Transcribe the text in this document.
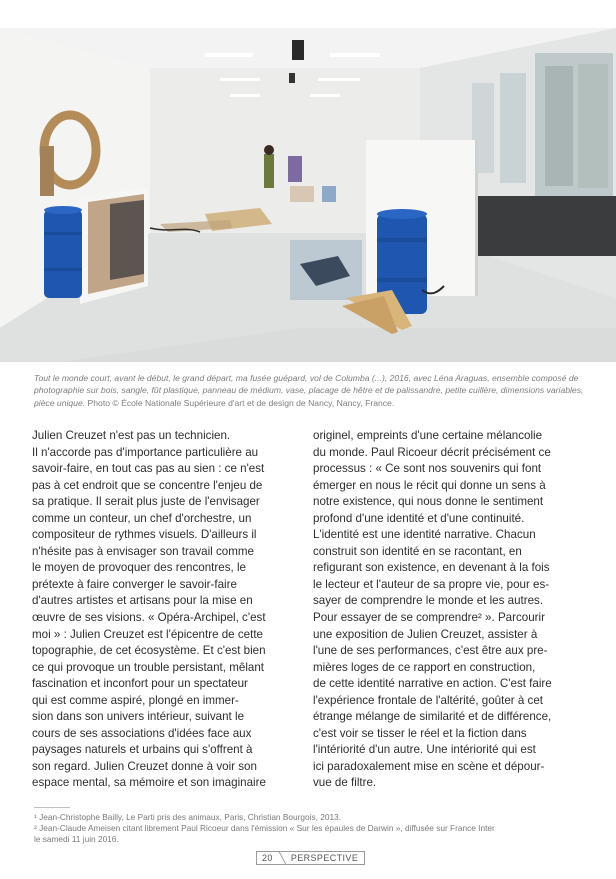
Tout le monde court, avant le début, le grand départ, ma fusée guépard, vol de Columba (...), 2016, avec Léna Araguas, ensemble composé de photographie sur bois, sangle, fût plastique, panneau de médium, vase, placage de hêtre et de palissandre, petite cuillère, dimensions variables, pièce unique. Photo © École Nationale Supérieure d'art et de design de Nancy, Nancy, France.
Julien Creuzet n'est pas un technicien.
Il n'accorde pas d'importance particulière au
savoir-faire, en tout cas pas au sien : ce n'est
pas à cet endroit que se concentre l'enjeu de
sa pratique. Il serait plus juste de l'envisager
comme un conteur, un chef d'orchestre, un
compositeur de rythmes visuels. D'ailleurs il
n'hésite pas à envisager son travail comme
le moyen de provoquer des rencontres, le
prétexte à faire converger le savoir-faire
d'autres artistes et artisans pour la mise en
œuvre de ses visions. « Opéra-Archipel, c'est
moi » : Julien Creuzet est l'épicentre de cette
topographie, de cet écosystème. Et c'est bien
ce qui provoque un trouble persistant, mêlant
fascination et inconfort pour un spectateur
qui est comme aspiré, plongé en immer-
sion dans son univers intérieur, suivant le
cours de ses associations d'idées face aux
paysages naturels et urbains qui s'offrent à
son regard. Julien Creuzet donne à voir son
espace mental, sa mémoire et son imaginaire
originel, empreints d'une certaine mélancolie
du monde. Paul Ricoeur décrit précisément ce
processus : « Ce sont nos souvenirs qui font
émerger en nous le récit qui donne un sens à
notre existence, qui nous donne le sentiment
profond d'une identité et d'une continuité.
L'identité est une identité narrative. Chacun
construit son identité en se racontant, en
refigurant son existence, en devenant à la fois
le lecteur et l'auteur de sa propre vie, pour es-
sayer de comprendre le monde et les autres.
Pour essayer de se comprendre² ». Parcourir
une exposition de Julien Creuzet, assister à
l'une de ses performances, c'est être aux pre-
mières loges de ce rapport en construction,
de cette identité narrative en action. C'est faire
l'expérience frontale de l'altérité, goûter à cet
étrange mélange de similarité et de différence,
c'est voir se tisser le réel et la fiction dans
l'intériorité d'un autre. Une intériorité qui est
ici paradoxalement mise en scène et dépour-
vue de filtre.
¹ Jean-Christophe Bailly, Le Parti pris des animaux, Paris, Christian Bourgois, 2013.
² Jean-Claude Ameisen citant librement Paul Ricoeur dans l'émission « Sur les épaules de Darwin », diffusée sur France Inter
le samedi 11 juin 2016.
20	PERSPECTIVE
